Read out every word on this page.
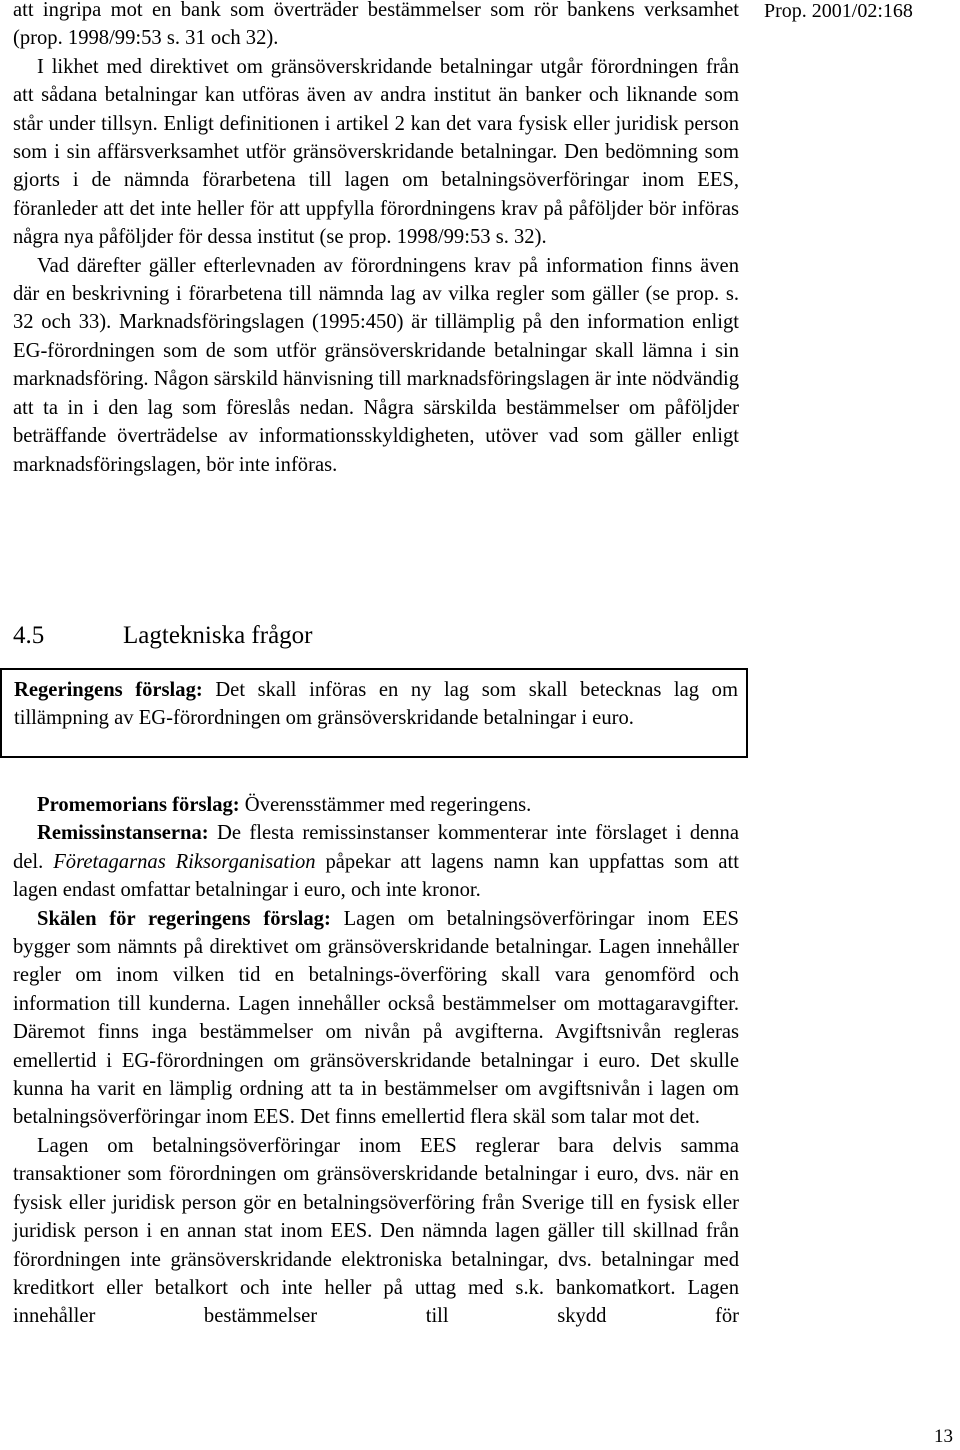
Prop. 2001/02:168

att ingripa mot en bank som överträder bestämmelser som rör bankens verksamhet (prop. 1998/99:53 s. 31 och 32).

I likhet med direktivet om gränsöverskridande betalningar utgår förordningen från att sådana betalningar kan utföras även av andra institut än banker och liknande som står under tillsyn. Enligt definitionen i artikel 2 kan det vara fysisk eller juridisk person som i sin affärsverksamhet utför gränsöverskridande betalningar. Den bedömning som gjorts i de nämnda förarbetena till lagen om betalningsöverföringar inom EES, föranleder att det inte heller för att uppfylla förordningens krav på påföljder bör införas några nya påföljder för dessa institut (se prop. 1998/99:53 s. 32).

Vad därefter gäller efterlevnaden av förordningens krav på information finns även där en beskrivning i förarbetena till nämnda lag av vilka regler som gäller (se prop. s. 32 och 33). Marknadsföringslagen (1995:450) är tillämplig på den information enligt EG-förordningen som de som utför gränsöverskridande betalningar skall lämna i sin marknadsföring. Någon särskild hänvisning till marknadsföringslagen är inte nödvändig att ta in i den lag som föreslås nedan. Några särskilda bestämmelser om påföljder beträffande överträdelse av informationsskyldigheten, utöver vad som gäller enligt marknadsföringslagen, bör inte införas.

4.5	Lagtekniska frågor

Regeringens förslag: Det skall införas en ny lag som skall betecknas lag om tillämpning av EG-förordningen om gränsöverskridande betalningar i euro.

Promemorians förslag: Överensstämmer med regeringens.

Remissinstanserna: De flesta remissinstanser kommenterar inte förslaget i denna del. Företagarnas Riksorganisation påpekar att lagens namn kan uppfattas som att lagen endast omfattar betalningar i euro, och inte kronor.

Skälen för regeringens förslag: Lagen om betalningsöverföringar inom EES bygger som nämnts på direktivet om gränsöverskridande betalningar. Lagen innehåller regler om inom vilken tid en betalnings-överföring skall vara genomförd och information till kunderna. Lagen innehåller också bestämmelser om mottagaravgifter. Däremot finns inga bestämmelser om nivån på avgifterna. Avgiftsnivån regleras emellertid i EG-förordningen om gränsöverskridande betalningar i euro. Det skulle kunna ha varit en lämplig ordning att ta in bestämmelser om avgiftsnivån i lagen om betalningsöverföringar inom EES. Det finns emellertid flera skäl som talar mot det.

Lagen om betalningsöverföringar inom EES reglerar bara delvis samma transaktioner som förordningen om gränsöverskridande betalningar i euro, dvs. när en fysisk eller juridisk person gör en betalningsöverföring från Sverige till en fysisk eller juridisk person i en annan stat inom EES. Den nämnda lagen gäller till skillnad från förordningen inte gränsöverskridande elektroniska betalningar, dvs. betalningar med kreditkort eller betalkort och inte heller på uttag med s.k. bankomatkort. Lagen innehåller bestämmelser till skydd för

13
